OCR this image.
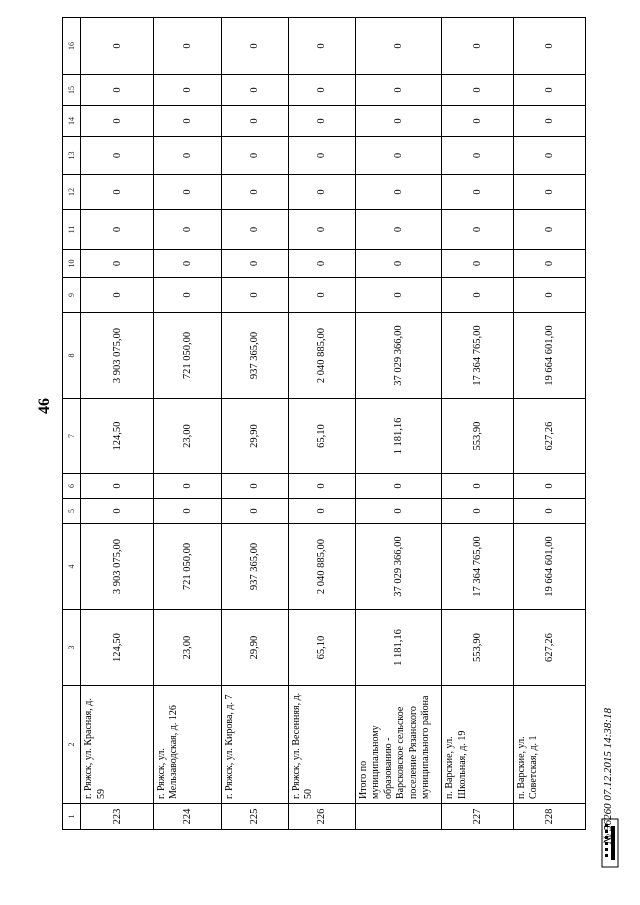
46
1	2	3	4	5	6	7	8	9	10	11	12	13	14	15	16
223	г. Ряжск, ул. Красная, д. 59	124,50	3 903 075,00	0	0	124,50	3 903 075,00	0	0	0	0	0	0	0	0
224	г. Ряжск, ул. Мельзаводская, д. 126	23,00	721 050,00	0	0	23,00	721 050,00	0	0	0	0	0	0	0	0
225	г. Ряжск, ул. Кирова, д. 7	29,90	937 365,00	0	0	29,90	937 365,00	0	0	0	0	0	0	0	0
226	г. Ряжск, ул. Весенняя, д. 50	65,10	2 040 885,00	0	0	65,10	2 040 885,00	0	0	0	0	0	0	0	0
	Итого по муниципальному образованию - Варсковское сельское поселение Рязанского муниципального района	1 181,16	37 029 366,00	0	0	1 181,16	37 029 366,00	0	0	0	0	0	0	0	0
227	п. Варские, ул. Школьная, д. 19	553,90	17 364 765,00	0	0	553,90	17 364 765,00	0	0	0	0	0	0	0	0
228	п. Варские, ул. Советская, д. 1	627,26	19 664 601,00	0	0	627,26	19 664 601,00	0	0	0	0	0	0	0	0
№ 56260 07.12.2015 14:38:18
